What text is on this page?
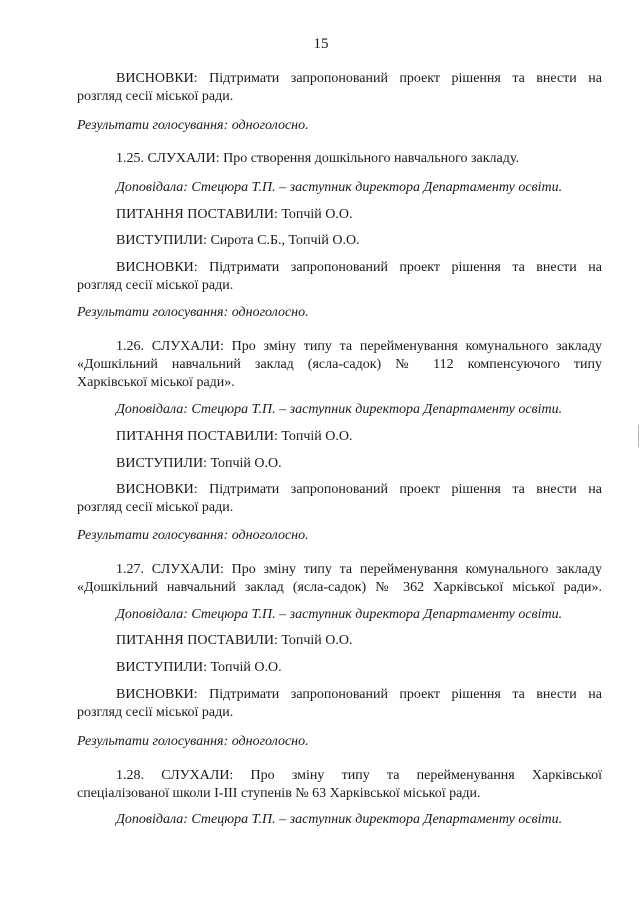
15
ВИСНОВКИ: Підтримати запропонований проект рішення та внести на
розгляд сесії міської ради.
Результати голосування: одноголосно.
1.25. СЛУХАЛИ: Про створення дошкільного навчального закладу.
Доповідала: Стецюра Т.П. – заступник директора Департаменту освіти.
ПИТАННЯ ПОСТАВИЛИ: Топчій О.О.
ВИСТУПИЛИ: Сирота С.Б., Топчій О.О.
ВИСНОВКИ: Підтримати запропонований проект рішення та внести на
розгляд сесії міської ради.
Результати голосування: одноголосно.
1.26. СЛУХАЛИ: Про зміну типу та перейменування комунального закладу
«Дошкільний навчальний заклад (ясла-садок) № 112 компенсуючого типу
Харківської міської ради».
Доповідала: Стецюра Т.П. – заступник директора Департаменту освіти.
ПИТАННЯ ПОСТАВИЛИ: Топчій О.О.
ВИСТУПИЛИ: Топчій О.О.
ВИСНОВКИ: Підтримати запропонований проект рішення та внести на
розгляд сесії міської ради.
Результати голосування: одноголосно.
1.27. СЛУХАЛИ: Про зміну типу та перейменування комунального закладу
«Дошкільний навчальний заклад (ясла-садок) № 362 Харківської міської ради».
Доповідала: Стецюра Т.П. – заступник директора Департаменту освіти.
ПИТАННЯ ПОСТАВИЛИ: Топчій О.О.
ВИСТУПИЛИ: Топчій О.О.
ВИСНОВКИ: Підтримати запропонований проект рішення та внести на
розгляд сесії міської ради.
Результати голосування: одноголосно.
1.28. СЛУХАЛИ: Про зміну типу та перейменування Харківської
спеціалізованої школи І-ІІІ ступенів № 63 Харківської міської ради.
Доповідала: Стецюра Т.П. – заступник директора Департаменту освіти.
